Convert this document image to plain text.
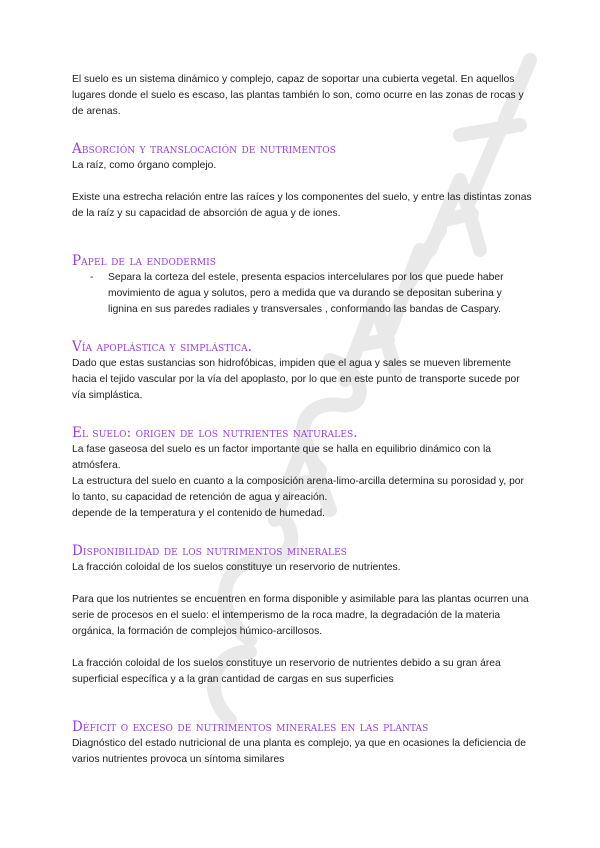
El suelo es un sistema dinámico y complejo, capaz de soportar una cubierta vegetal. En aquellos lugares donde el suelo es escaso, las plantas también lo son, como ocurre en las zonas de rocas y de arenas.

Absorción y translocación de nutrimentos

La raíz, como órgano complejo.

Existe una estrecha relación entre las raíces y los componentes del suelo, y entre las distintas zonas de la raíz y su capacidad de absorción de agua y de iones.

Papel de la endodermis
- Separa la corteza del estele, presenta espacios intercelulares por los que puede haber movimiento de agua y solutos, pero a medida que va durando se depositan suberina y lignina en sus paredes radiales y transversales , conformando las bandas de Caspary.
Vía apoplástica y simplástica.

Dado que estas sustancias son hidrofóbicas, impiden que el agua y sales se mueven libremente hacia el tejido vascular por la vía del apoplasto, por lo que en este punto de transporte sucede por vía simplástica.

El suelo: origen de los nutrientes naturales.

La fase gaseosa del suelo es un factor importante que se halla en equilibrio dinámico con la atmósfera.

La estructura del suelo en cuanto a la composición arena-limo-arcilla determina su porosidad y, por lo tanto, su capacidad de retención de agua y aireación.

depende de la temperatura y el contenido de humedad.

Disponibilidad de los nutrimentos minerales

La fracción coloidal de los suelos constituye un reservorio de nutrientes.

Para que los nutrientes se encuentren en forma disponible y asimilable para las plantas ocurren una serie de procesos en el suelo: el intemperismo de la roca madre, la degradación de la materia orgánica, la formación de complejos húmico-arcillosos.

La fracción coloidal de los suelos constituye un reservorio de nutrientes debido a su gran área superficial específica y a la gran cantidad de cargas en sus superficies

Déficit o exceso de nutrimentos minerales en las plantas

Diagnóstico del estado nutricional de una planta es complejo, ya que en ocasiones la deficiencia de varios nutrientes provoca un síntoma similares
